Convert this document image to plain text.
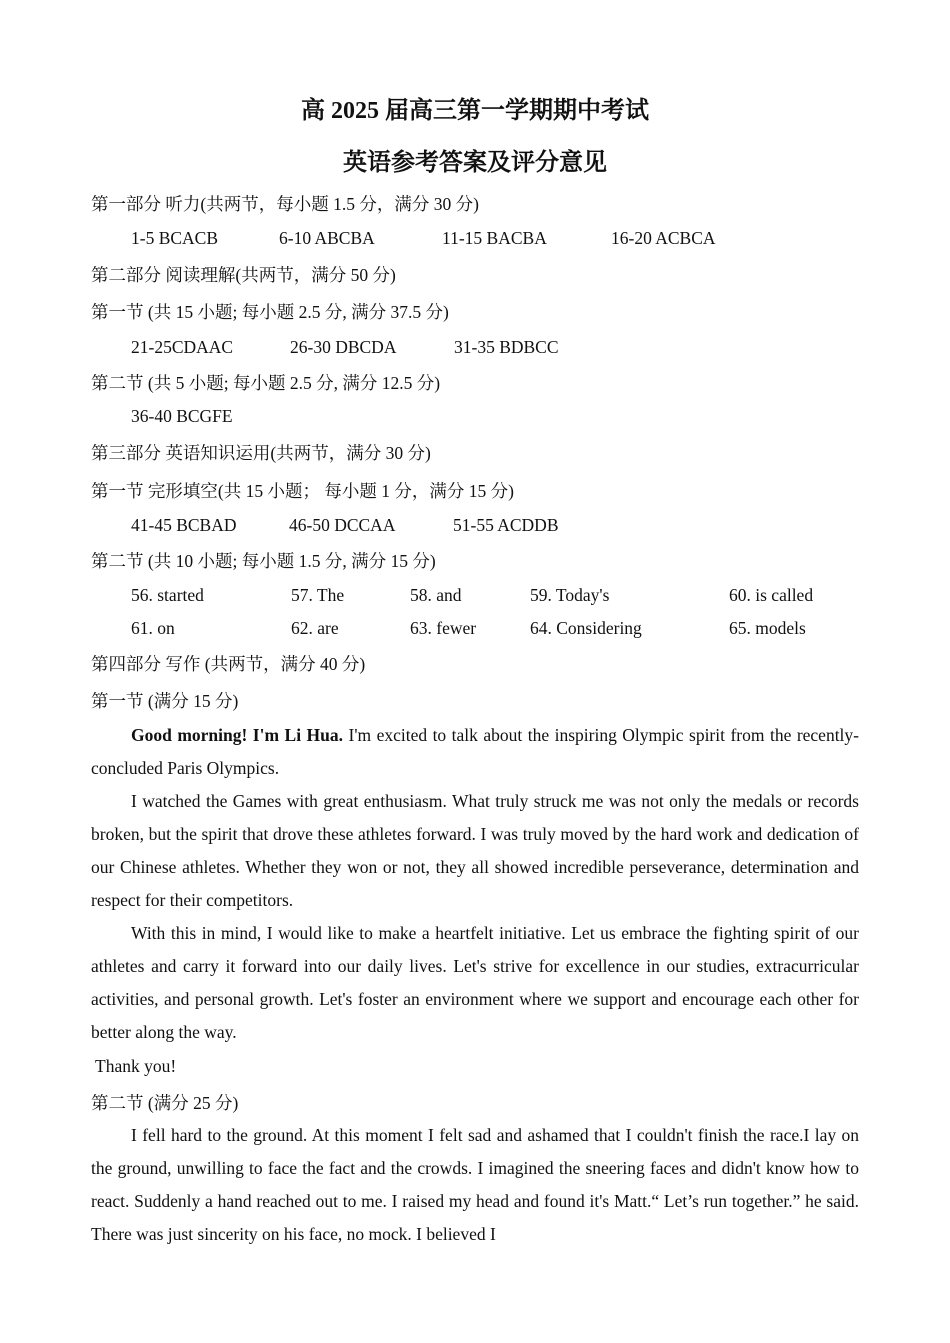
高 2025 届高三第一学期期中考试
英语参考答案及评分意见
第一部分 听力(共两节，每小题 1.5 分，满分 30 分)
1-5 BCACB	6-10 ABCBA	11-15 BACBA	16-20 ACBCA
第二部分 阅读理解(共两节，满分 50 分)
第一节 (共 15 小题; 每小题 2.5 分, 满分 37.5 分)
21-25CDAAC	26-30 DBCDA	31-35 BDBCC
第二节 (共 5 小题; 每小题 2.5 分, 满分 12.5 分)
36-40 BCGFE
第三部分 英语知识运用(共两节，满分 30 分)
第一节 完形填空(共 15 小题； 每小题 1 分，满分 15 分)
41-45 BCBAD	46-50 DCCAA	51-55 ACDDB
第二节 (共 10 小题; 每小题 1.5 分, 满分 15 分)
56. started	57. The	58. and	59. Today's	60. is called
61. on	62. are	63. fewer	64. Considering	65. models
第四部分 写作 (共两节，满分 40 分)
第一节 (满分 15 分)

Good morning! I'm Li Hua. I'm excited to talk about the inspiring Olympic spirit from the recently- concluded Paris Olympics.

I watched the Games with great enthusiasm. What truly struck me was not only the medals or records broken, but the spirit that drove these athletes forward. I was truly moved by the hard work and dedication of our Chinese athletes. Whether they won or not, they all showed incredible perseverance, determination and respect for their competitors.

With this in mind, I would like to make a heartfelt initiative. Let us embrace the fighting spirit of our athletes and carry it forward into our daily lives. Let's strive for excellence in our studies, extracurricular activities, and personal growth. Let's foster an environment where we support and encourage each other for better along the way.

Thank you!
第二节 (满分 25 分)

I fell hard to the ground. At this moment I felt sad and ashamed that I couldn't finish the race.I lay on the ground, unwilling to face the fact and the crowds. I imagined the sneering faces and didn't know how to react. Suddenly a hand reached out to me. I raised my head and found it's Matt.“ Let’s run together.” he said. There was just sincerity on his face, no mock. I believed I
